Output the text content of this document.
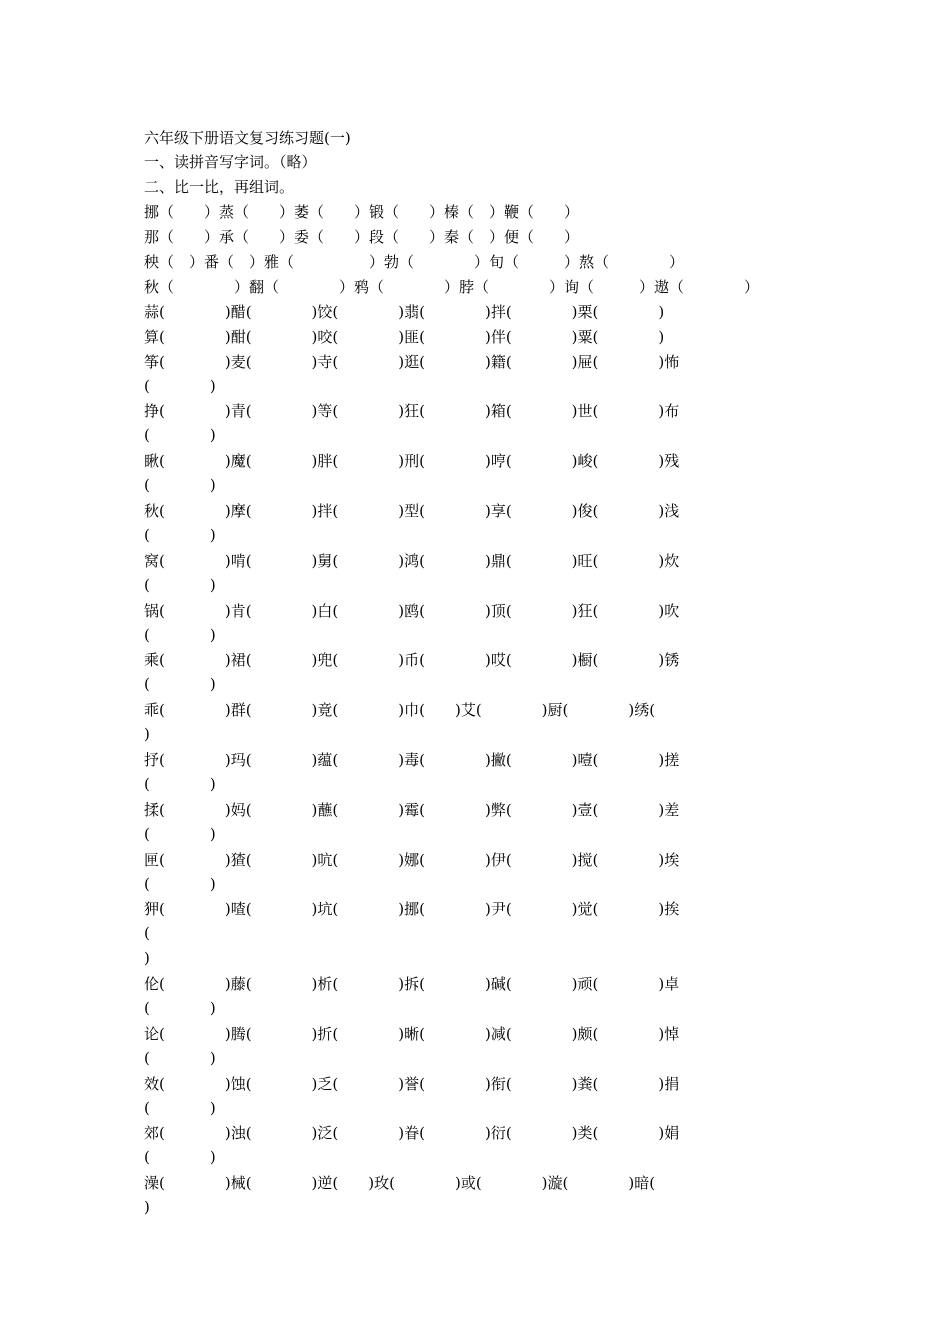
六年级下册语文复习练习题(一)
一、读拼音写字词。（略）
二、比一比，再组词。
挪（　　）蒸（　　）萎（　　）锻（　　）榛（　）鞭（　　）
那（　　）承（　　）委（　　）段（　　）秦（　）便（　　）
秧（　）番（　）雅（　　　　　）勃（　　　　）旬（　　　）熬（　　　　）
秋（　　　　）翻（　　　　）鸦（　　　　）脖（　　　　）询（　　　）遨（　　　　）
蒜(　　　　)醋(　　　　)饺(　　　　)翡(　　　　)拌(　　　　)栗(　　　　)
算(　　　　)酣(　　　　)咬(　　　　)匪(　　　　)伴(　　　　)粟(　　　　)
筝(　　　　)麦(　　　　)寺(　　　　)逛(　　　　)籍(　　　　)屉(　　　　)怖
(　　　　)
挣(　　　　)青(　　　　)等(　　　　)狂(　　　　)箱(　　　　)世(　　　　)布
(　　　　)
瞅(　　　　)魔(　　　　)胖(　　　　)刑(　　　　)哼(　　　　)峻(　　　　)残
(　　　　)
秋(　　　　)摩(　　　　)拌(　　　　)型(　　　　)享(　　　　)俊(　　　　)浅
(　　　　)
窝(　　　　)啃(　　　　)舅(　　　　)鸿(　　　　)鼎(　　　　)旺(　　　　)炊
(　　　　)
锅(　　　　)肯(　　　　)白(　　　　)鸥(　　　　)顶(　　　　)狂(　　　　)吹
(　　　　)
乘(　　　　)裙(　　　　)兜(　　　　)币(　　　　)哎(　　　　)橱(　　　　)锈
(　　　　)
乖(　　　　)群(　　　　)竟(　　　　)巾(　　)艾(　　　　)厨(　　　　)绣(
)
抒(　　　　)玛(　　　　)蕴(　　　　)毒(　　　　)撇(　　　　)噎(　　　　)搓
(　　　　)
揉(　　　　)妈(　　　　)蘸(　　　　)霉(　　　　)弊(　　　　)壹(　　　　)差
(　　　　)
匣(　　　　)猹(　　　　)吭(　　　　)娜(　　　　)伊(　　　　)搅(　　　　)埃
(　　　　)
狎(　　　　)喳(　　　　)坑(　　　　)挪(　　　　)尹(　　　　)觉(　　　　)挨
(
)
伦(　　　　)藤(　　　　)析(　　　　)拆(　　　　)碱(　　　　)顽(　　　　)卓
(　　　　)
论(　　　　)腾(　　　　)折(　　　　)晰(　　　　)减(　　　　)颇(　　　　)悼
(　　　　)
效(　　　　)蚀(　　　　)乏(　　　　)誉(　　　　)衔(　　　　)粪(　　　　)捐
(　　　　)
郊(　　　　)浊(　　　　)泛(　　　　)眷(　　　　)衍(　　　　)类(　　　　)娟
(　　　　)
澡(　　　　)械(　　　　)逆(　　)玫(　　　　)或(　　　　)漩(　　　　)暗(
)
